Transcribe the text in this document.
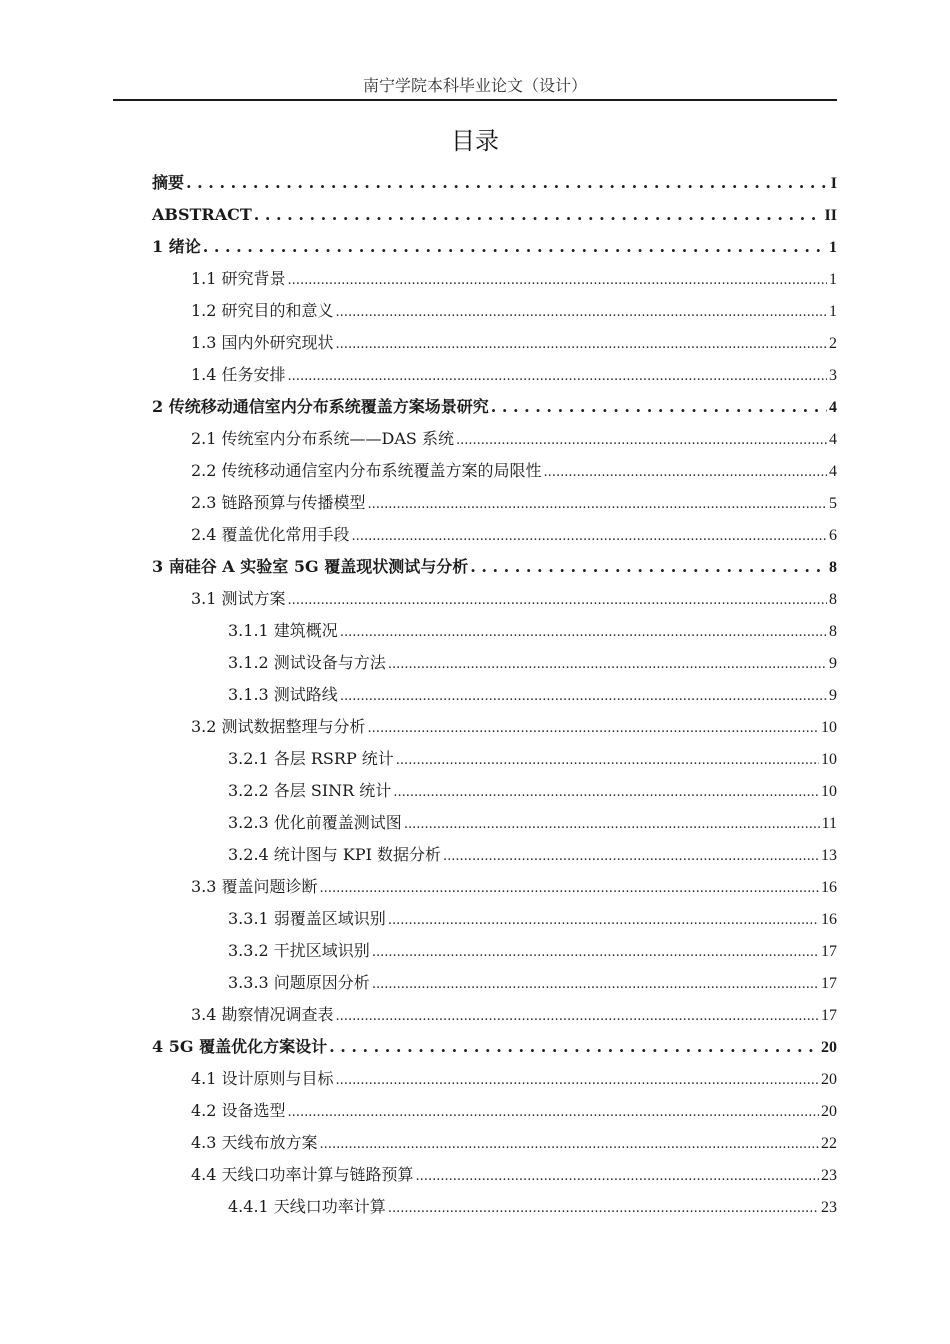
南宁学院本科毕业论文（设计）
目录
摘要 . . .	I
ABSTRACT . . .	II
1 绪论 . . .	1
1.1 研究背景 .....	1
1.2 研究目的和意义 .....	1
1.3 国内外研究现状 .....	2
1.4 任务安排 .....	3
2 传统移动通信室内分布系统覆盖方案场景研究 . . .	4
2.1 传统室内分布系统——DAS 系统 .....	4
2.2 传统移动通信室内分布系统覆盖方案的局限性 .....	4
2.3 链路预算与传播模型 .....	5
2.4 覆盖优化常用手段 .....	6
3 南硅谷 A 实验室 5G 覆盖现状测试与分析 . . .	8
3.1 测试方案 .....	8
3.1.1 建筑概况 .....	8
3.1.2 测试设备与方法 .....	9
3.1.3 测试路线 .....	9
3.2 测试数据整理与分析 .....	10
3.2.1 各层 RSRP 统计 .....	10
3.2.2 各层 SINR 统计 .....	10
3.2.3 优化前覆盖测试图 .....	11
3.2.4 统计图与 KPI 数据分析 .....	13
3.3 覆盖问题诊断 .....	16
3.3.1 弱覆盖区域识别 .....	16
3.3.2 干扰区域识别 .....	17
3.3.3 问题原因分析 .....	17
3.4 勘察情况调查表 .....	17
4 5G 覆盖优化方案设计 . . .	20
4.1 设计原则与目标 .....	20
4.2 设备选型 .....	20
4.3 天线布放方案 .....	22
4.4 天线口功率计算与链路预算 .....	23
4.4.1 天线口功率计算 .....	23
